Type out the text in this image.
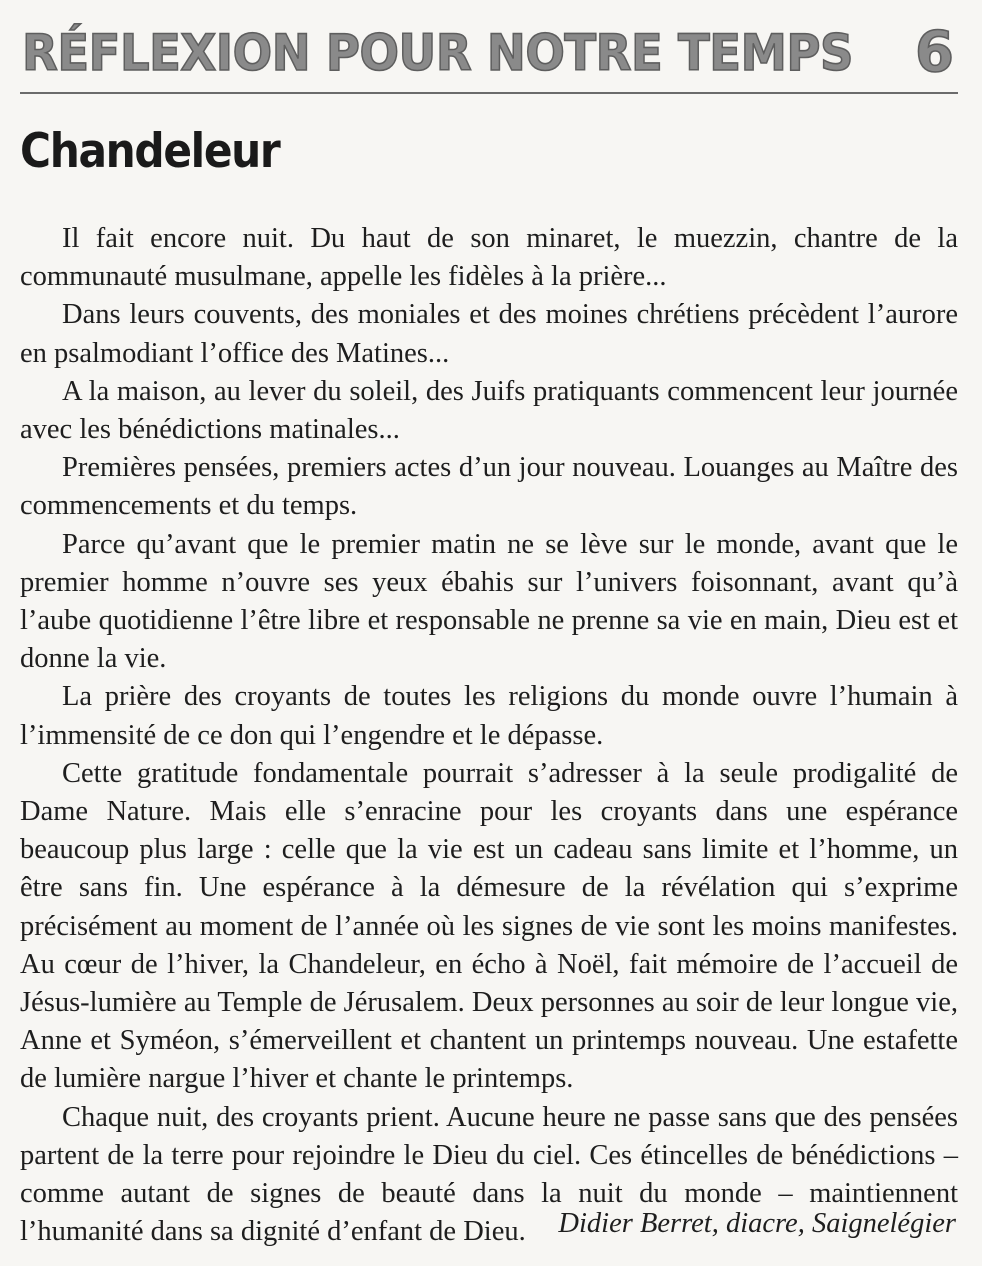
RÉFLEXION POUR NOTRE TEMPS 6
Chandeleur

Il fait encore nuit. Du haut de son minaret, le muezzin, chantre de la communauté musulmane, appelle les fidèles à la prière...

Dans leurs couvents, des moniales et des moines chrétiens précèdent l’aurore en psalmodiant l’office des Matines...

A la maison, au lever du soleil, des Juifs pratiquants commencent leur journée avec les bénédictions matinales...

Premières pensées, premiers actes d’un jour nouveau. Louanges au Maître des commencements et du temps.

Parce qu’avant que le premier matin ne se lève sur le monde, avant que le premier homme n’ouvre ses yeux ébahis sur l’univers foisonnant, avant qu’à l’aube quotidienne l’être libre et responsable ne prenne sa vie en main, Dieu est et donne la vie.

La prière des croyants de toutes les religions du monde ouvre l’humain à l’immensité de ce don qui l’engendre et le dépasse.

Cette gratitude fondamentale pourrait s’adresser à la seule prodigalité de Dame Nature. Mais elle s’enracine pour les croyants dans une espérance beaucoup plus large : celle que la vie est un cadeau sans limite et l’homme, un être sans fin. Une espérance à la démesure de la révélation qui s’exprime précisément au moment de l’année où les signes de vie sont les moins manifestes. Au cœur de l’hiver, la Chandeleur, en écho à Noël, fait mémoire de l’accueil de Jésus-lumière au Temple de Jérusalem. Deux personnes au soir de leur longue vie, Anne et Syméon, s’émerveillent et chantent un printemps nouveau. Une estafette de lumière nargue l’hiver et chante le printemps.

Chaque nuit, des croyants prient. Aucune heure ne passe sans que des pensées partent de la terre pour rejoindre le Dieu du ciel. Ces étincelles de bénédictions – comme autant de signes de beauté dans la nuit du monde – maintiennent l’humanité dans sa dignité d’enfant de Dieu.	Didier Berret, diacre, Saignelégier
